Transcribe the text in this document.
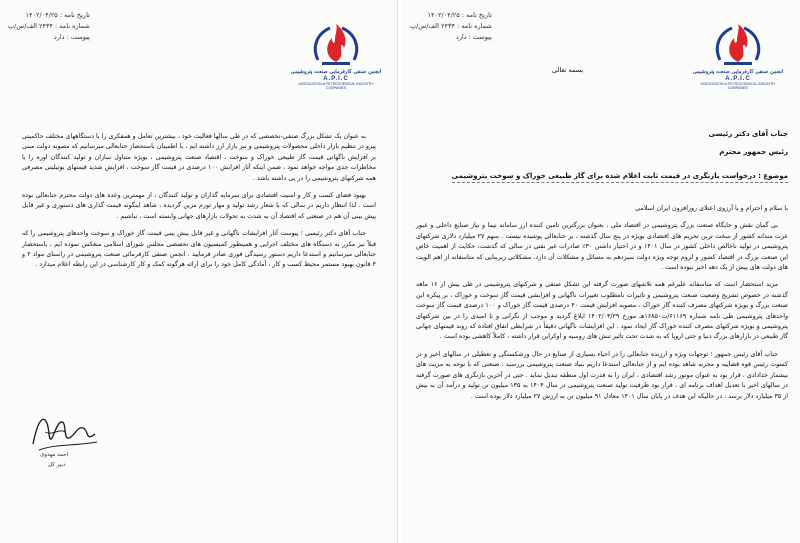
تاریخ نامه : ۱۴۰۲/۰۴/۲۵
شماره نامه : ۲۴۳۴ الف/س/پ
پیوست : دارد
انجمن صنفی کارفرمایی صنعت پتروشیمی
A.P.I.C
ASSOCIATION of PETROCHEMICAL INDUSTRY COMPANIES

به عنوان یک تشکل بزرگ صنفی-تخصصی که در طی سالها فعالیت خود ، بیشترین تعامل و همفکری را با دستگاههای مختلف حاکمیتی پیرو در تنظیم بازار داخلی محصولات پتروشیمی و نیز بازار ارز داشته ایم ، با اطمینان باستحضار جنابعالی میرسانیم که مصوبه دولت مبنی بر افزایش ناگهانی قیمت گاز طبیعی خوراک و سوخت ، اقتصاد صنعت پتروشیمی ، بویژه متناول سازان و تولید کنندگان اوره را با مخاطرات جدی مواجه خواهد نمود ، ضمن اینکه آثار افزایش ۱۰۰ درصدی در قیمت گاز سوخت ، افزایش شدید قیمتهای یوتیلیتی مصرفی همه شرکتهای پتروشیمی را در پی داشته باشد .

بهبود فضای کسب و کار و امنیت اقتصادی برای سرمایه گذاران و تولید کنندگان ، از مهمترین وعده های دولت محترم جنابعالی بوده است . لذا انتظار داریم در سالی که با شعار رشد تولید و مهار تورم مزین گردیده ، شاهد اینگونه قیمت گذاری های دستوری و غیر قابل پیش بینی آن هم در صنعتی که اقتصاد آن به شدت به تحولات بازارهای جهانی وابسته است ، نباشیم .

جناب آقای دکتر رئیسی ؛ پیوست آثار افزایشات ناگهانی و غیر قابل پیش بینی قیمت گاز خوراک و سوخت واحدهای پتروشیمی را که قبلاً نیز مکرر به دستگاه های مختلف اجرایی و همینطور کمیسیون های تخصصی مجلس شورای اسلامی منعکس نموده ایم ، باستحضار جنابعالی میرسانیم و استدعا داریم دستور رسیدگی فوری صادر فرمایید . انجمن صنفی کارفرمائی صنعت پتروشیمی در راستای مواد ۲ و ۴ قانون بهبود مستمر محیط کسب و کار ، آمادگی کامل خود را برای ارائه هرگونه کمک و کار کارشناسی در این رابطه اعلام میدارد .

احمد مهدوی
دبیر کل
تاریخ نامه : ۱۴۰۲/۰۴/۲۵
شماره نامه : ۲۴۳۴ الف/س/پ
پیوست : دارد
بسمه تعالی	انجمن صنفی کارفرمایی صنعت پتروشیمی
A.P.I.C
ASSOCIATION of PETROCHEMICAL INDUSTRY COMPANIES
جناب آقای دکتر رئیسی
رئیس جمهور محترم
موضوع : درخواست بازنگری در قیمت ثابت اعلام شده برای گاز طبیعی خوراک و سوخت پتروشیمی

با سلام و احترام و با آرزوی اعتلای روزافزون ایران اسلامی

بی گمان نقش و جایگاه صنعت بزرگ پتروشیمی در اقتصاد ملی ، بعنوان بزرگترین تامین کننده ارز سامانه نیما و نیاز صنایع داخلی و عبور عزت مندانه کشور از سخت ترین تحریم های اقتصادی بویژه در پنج سال گذشته ، بر جنابعالی پوشیده نیست . سهم ۲۷ میلیارد دلاری شرکتهای پتروشیمی در تولید ناخالص داخلی کشور در سال ۱۴۰۱ و در اختیار داشتن ۳۰٪ صادرات غیر نفتی در سالی که گذشت، حکایت از اهمیت خاص این صنعت بزرگ در اقتصاد کشور و لزوم توجه ویژه دولت سیزدهم به مسائل و مشکلات آن دارد. مشکلاتی زیربنایی که متاسفانه از اهم الویت های دولت های پیش از یک دهه اخیر نبوده است .

مزید استحضار است که متاسفانه علیرغم همه تلاشهای صورت گرفته این تشکل صنفی و شرکتهای پتروشیمی در طی بیش از ۱۶ ماهه گذشته در خصوص تشریح وضعیت صنعت پتروشیمی و تاثیرات نامطلوب تغییرات ناگهانی و افزایشی قیمت گاز سوخت و خوراک ، بر پیکره این صنعت بزرگ و بویژه شرکتهای مصرف کننده گاز خوراک ، مصوبه افزایش قیمت ۴۰ درصدی قیمت گاز خوراک و ۱۰۰ درصدی قیمت گاز سوخت واحدهای پتروشیمی طی نامه شماره ۶۱۱۶۹/ت۱۶۸۵۰هـ مورخ ۱۴۰۲/۰۳/۲۹ ابلاغ گردید و موجب از نگرانی و نا امیدی را در بین شرکتهای پتروشیمی و بویژه شرکتهای مصرف کننده خوراک گاز ایجاد نمود . این افزایشات ناگهانی دقیقاً در شرایطی اتفاق افتاده که روند قیمتهای جهانی گاز طبیعی در بازارهای بزرگ دنیا و حتی اروپا که به شدت تحت تاثیر تنش های روسیه و اوکراین قرار داشته ، کاملاً کاهشی بوده است .

جناب آقای رئیس جمهور ؛ توجهات ویژه و ارزنده جنابعالی را در احیاء بسیاری از صنایع در حال ورشکستگی و تعطیلی در سالهای اخیر و در کسوت رئیس قوه قضاییه و مجربه شاهد بوده ایم و از جنابعالی استدعا داریم بنیاد صنعت پتروشیمی بررسید ، صنعتی که با توجه به مزیت های بیشمار خدادادی ، قرار بود به عنوان موتور رشد اقتصادی ، ایران را به قدرت اول منطقه تبدیل نماید . حتی در آخرین بازنگری های صورت گرفته در سالهای اخیر با تعدیل اهداف برنامه ای ، قرار بود ظرفیت تولید صنعت پتروشیمی در سال ۱۴۰۴ به ۱۳۵ میلیون تن تولید و درآمد آن به بیش از ۳۵ میلیارد دلار برسد ، در حالیکه این هدف در پایان سال ۱۴۰۱ معادل ۹۱ میلیون تن به ارزش ۲۷ میلیارد دلار بوده است .
